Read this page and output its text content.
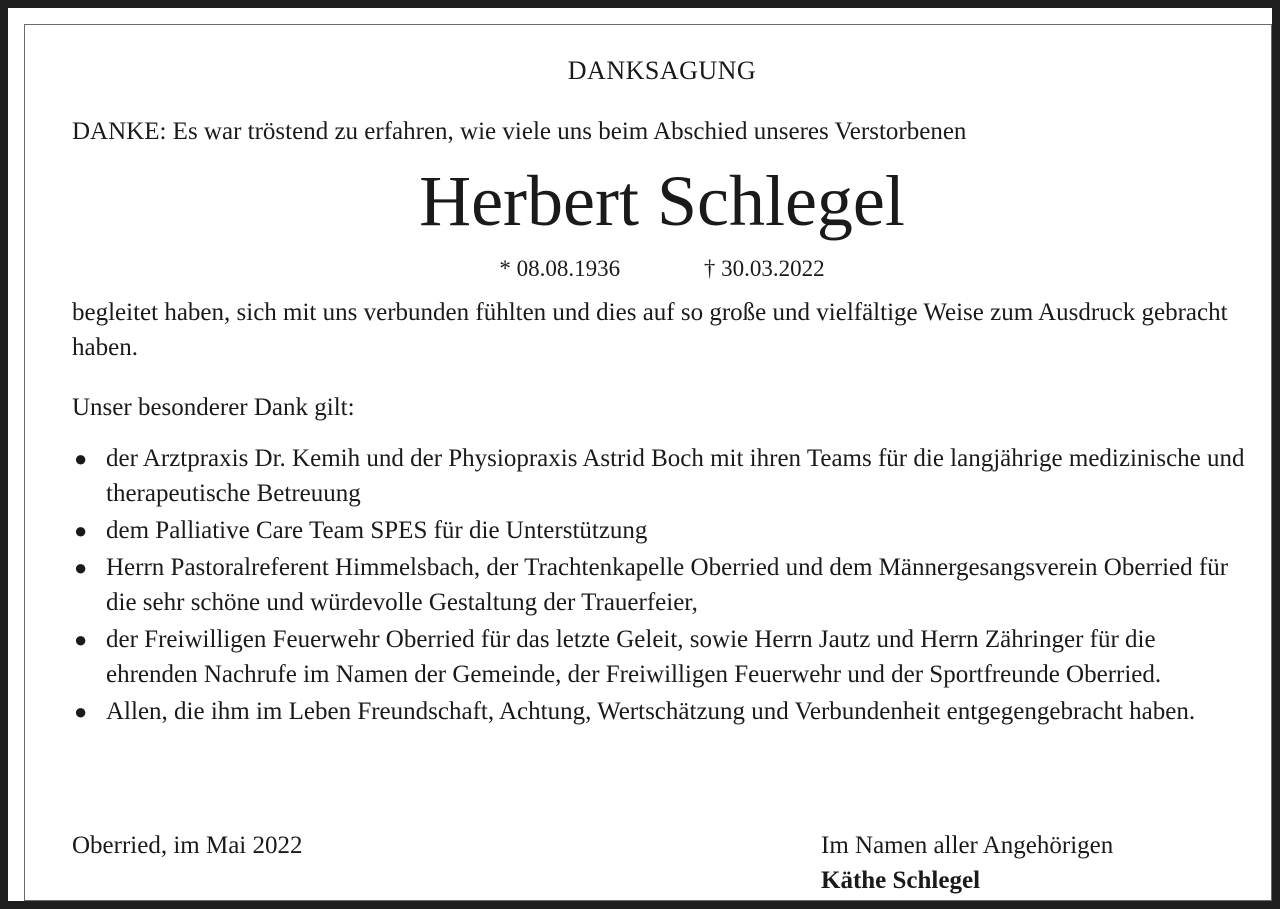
DANKSAGUNG
DANKE: Es war tröstend zu erfahren, wie viele uns beim Abschied unseres Verstorbenen
Herbert Schlegel
* 08.08.1936	† 30.03.2022
begleitet haben, sich mit uns verbunden fühlten und dies auf so große und vielfältige Weise zum Ausdruck gebracht haben.
Unser besonderer Dank gilt:
● der Arztpraxis Dr. Kemih und der Physiopraxis Astrid Boch mit ihren Teams für die langjährige medizinische und therapeutische Betreuung
● dem Palliative Care Team SPES für die Unterstützung
● Herrn Pastoralreferent Himmelsbach, der Trachtenkapelle Oberried und dem Männergesangsverein Oberried für die sehr schöne und würdevolle Gestaltung der Trauerfeier,
● der Freiwilligen Feuerwehr Oberried für das letzte Geleit, sowie Herrn Jautz und Herrn Zähringer für die ehrenden Nachrufe im Namen der Gemeinde, der Freiwilligen Feuerwehr und der Sportfreunde Oberried.
● Allen, die ihm im Leben Freundschaft, Achtung, Wertschätzung und Verbundenheit entgegengebracht haben.
Oberried, im Mai 2022	Im Namen aller Angehörigen
Käthe Schlegel
